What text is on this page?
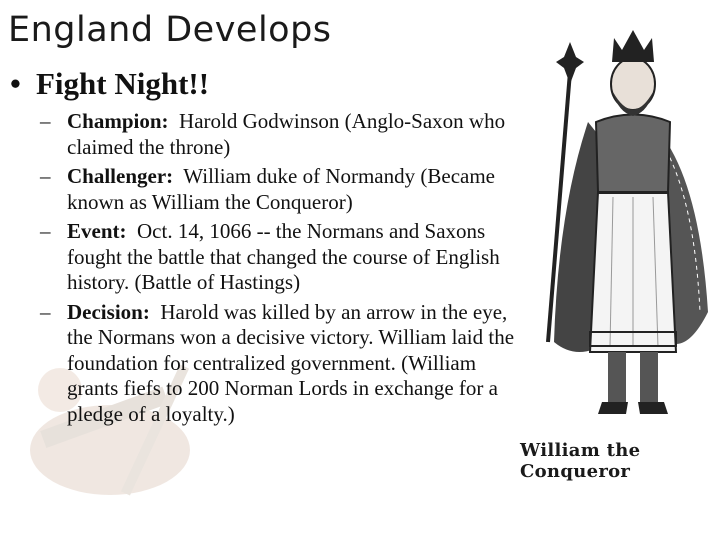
England Develops
• Fight Night!!
– Champion: Harold Godwinson (Anglo-Saxon who claimed the throne)
– Challenger: William duke of Normandy (Became known as William the Conqueror)
– Event: Oct. 14, 1066 -- the Normans and Saxons fought the battle that changed the course of English history. (Battle of Hastings)
– Decision: Harold was killed by an arrow in the eye, the Normans won a decisive victory. William laid the foundation for centralized government. (William grants fiefs to 200 Norman Lords in exchange for a pledge of a loyalty.)
William the Conqueror
